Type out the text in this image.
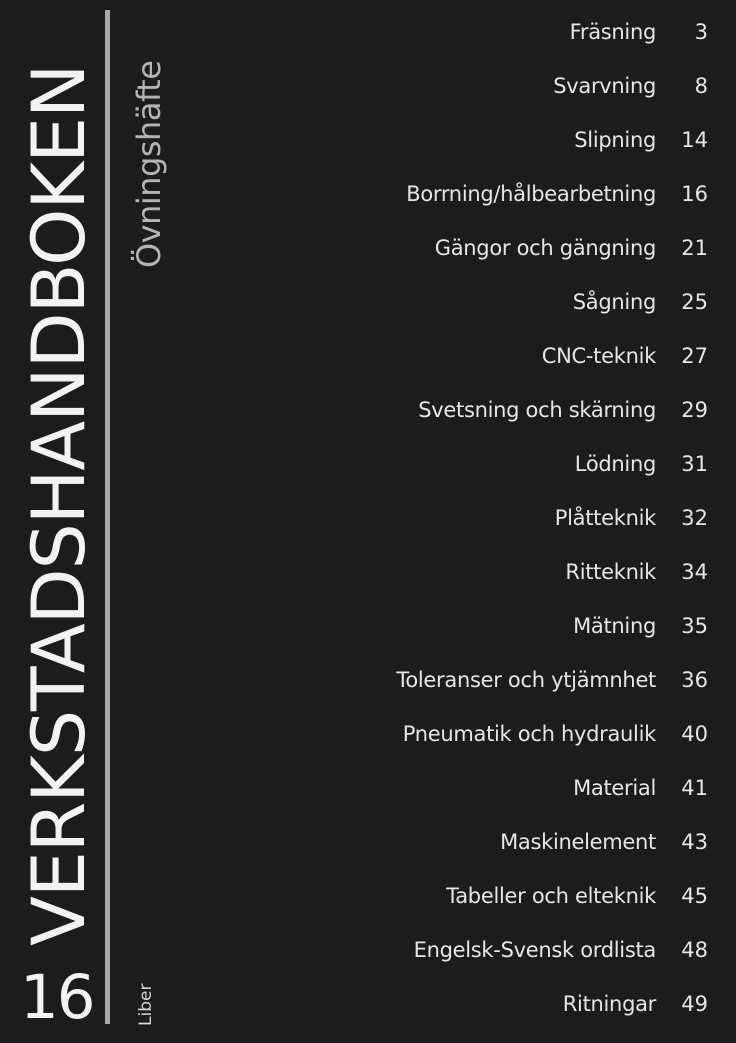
VERKSTADSHANDBOKEN Övningshäfte
16 Liber
Fräsning	3
Svarvning	8
Slipning	14
Borrning/hålbearbetning	16
Gängor och gängning	21
Sågning	25
CNC-teknik	27
Svetsning och skärning	29
Lödning	31
Plåtteknik	32
Ritteknik	34
Mätning	35
Toleranser och ytjämnhet	36
Pneumatik och hydraulik	40
Material	41
Maskinelement	43
Tabeller och elteknik	45
Engelsk-Svensk ordlista	48
Ritningar	49
